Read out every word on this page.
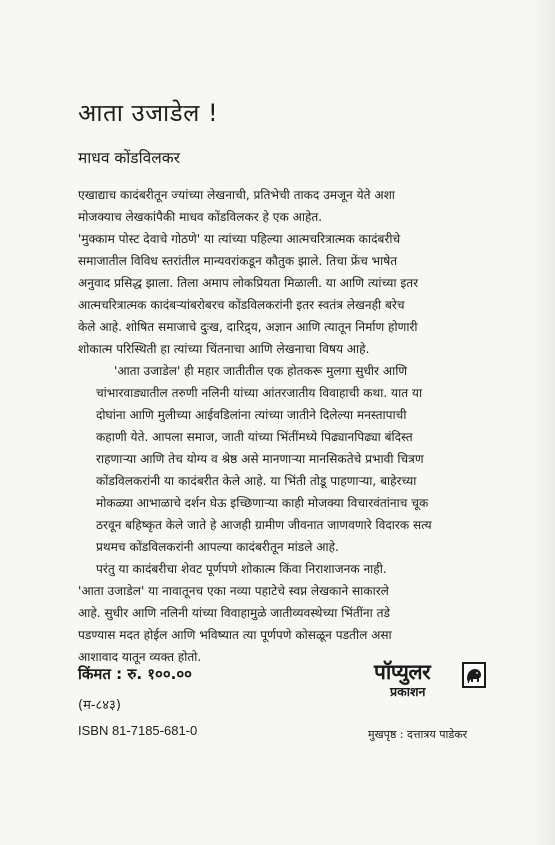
आता उजाडेल !
माधव कोंडविलकर

एखाद्याच कादंबरीतून ज्यांच्या लेखनाची, प्रतिभेची ताकद उमजून येते अशा
मोजक्याच लेखकांपैकी माधव कोंडविलकर हे एक आहेत.
'मुक्काम पोस्ट देवाचे गोठणे' या त्यांच्या पहिल्या आत्मचरित्रात्मक कादंबरीचे
समाजातील विविध स्तरांतील मान्यवरांकडून कौतुक झाले. तिचा फ्रेंच भाषेत
अनुवाद प्रसिद्ध झाला. तिला अमाप लोकप्रियता मिळाली. या आणि त्यांच्या इतर
आत्मचरित्रात्मक कादंबऱ्यांबरोबरच कोंडविलकरांनी इतर स्वतंत्र लेखनही बरेच
केले आहे. शोषित समाजाचे दुःख, दारिद्र्य, अज्ञान आणि त्यातून निर्माण होणारी
शोकात्म परिस्थिती हा त्यांच्या चिंतनाचा आणि लेखनाचा विषय आहे.

'आता उजाडेल' ही महार जातीतील एक होतकरू मुलगा सुधीर आणि
चांभारवाड्यातील तरुणी नलिनी यांच्या आंतरजातीय विवाहाची कथा. यात या
दोघांना आणि मुलीच्या आईवडिलांना त्यांच्या जातीने दिलेल्या मनस्तापाची
कहाणी येते. आपला समाज, जाती यांच्या भिंतींमध्ये पिढ्यानपिढ्या बंदिस्त
राहणाऱ्या आणि तेच योग्य व श्रेष्ठ असे मानणाऱ्या मानसिकतेचे प्रभावी चित्रण
कोंडविलकरांनी या कादंबरीत केले आहे. या भिंती तोडू पाहणाऱ्या, बाहेरच्या
मोकळ्या आभाळाचे दर्शन घेऊ इच्छिणाऱ्या काही मोजक्या विचारवंतांनाच चूक
ठरवून बहिष्कृत केले जाते हे आजही ग्रामीण जीवनात जाणवणारे विदारक सत्य
प्रथमच कोंडविलकरांनी आपल्या कादंबरीतून मांडले आहे.

परंतु या कादंबरीचा शेवट पूर्णपणे शोकात्म किंवा निराशाजनक नाही.
'आता उजाडेल' या नावातूनच एका नव्या पहाटेचे स्वप्न लेखकाने साकारले
आहे. सुधीर आणि नलिनी यांच्या विवाहामुळे जातीव्यवस्थेच्या भिंतींना तडे
पडण्यास मदत होईल आणि भविष्यात त्या पूर्णपणे कोसळून पडतील असा
आशावाद यातून व्यक्त होतो.

किंमत : रु. १००.००
(म-८४३)
ISBN 81-7185-681-0
पॉप्युलर
प्रकाशन
मुखपृष्ठ : दत्तात्रय पाडेकर
